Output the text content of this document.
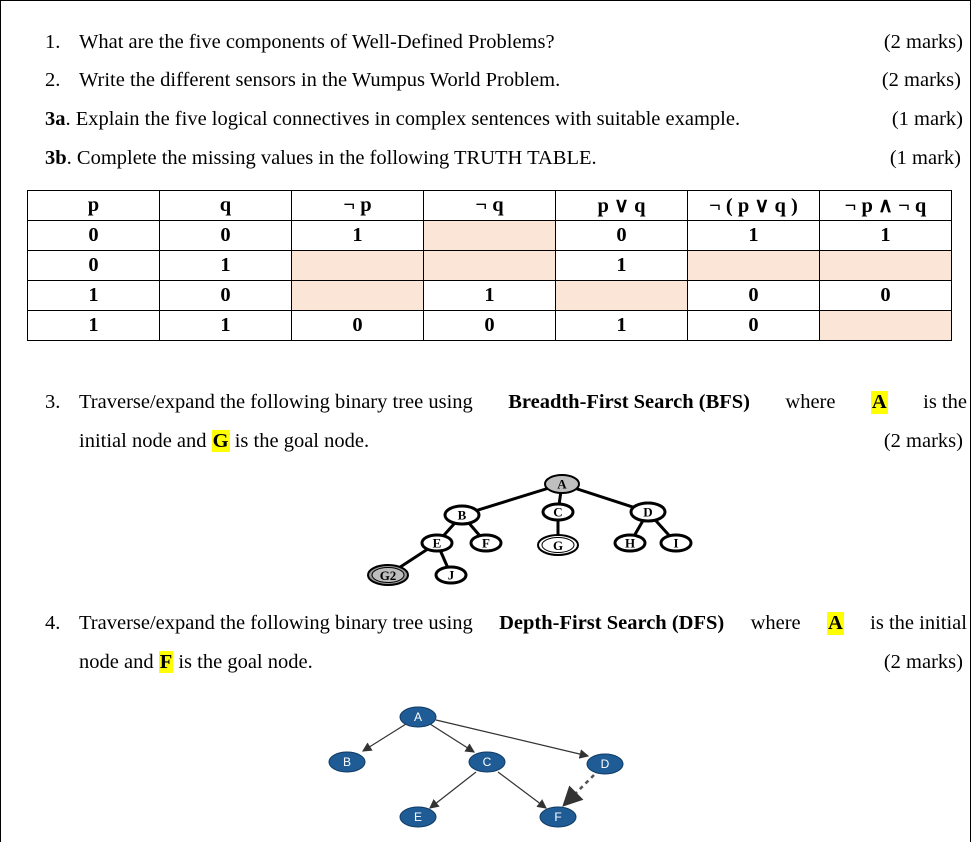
1. What are the five components of Well-Defined Problems?	(2 marks)
2. Write the different sensors in the Wumpus World Problem.	(2 marks)
3a. Explain the five logical connectives in complex sentences with suitable example.	(1 mark)
3b. Complete the missing values in the following TRUTH TABLE.	(1 mark)
p	q	¬ p	¬ q	p ∨ q	¬ ( p ∨ q )	¬ p ∧ ¬ q
0	0	1		0	1	1
0	1			1		
1	0		1		0	0
1	1	0	0	1	0	
3. Traverse/expand the following binary tree using Breadth-First Search (BFS) where A is the
initial node and G is the goal node.	(2 marks)
A
B	C	D
E	F	G	H	I
G2	J
4. Traverse/expand the following binary tree using Depth-First Search (DFS) where A is the initial
node and F is the goal node.	(2 marks)
A
B	C	D
E	F
